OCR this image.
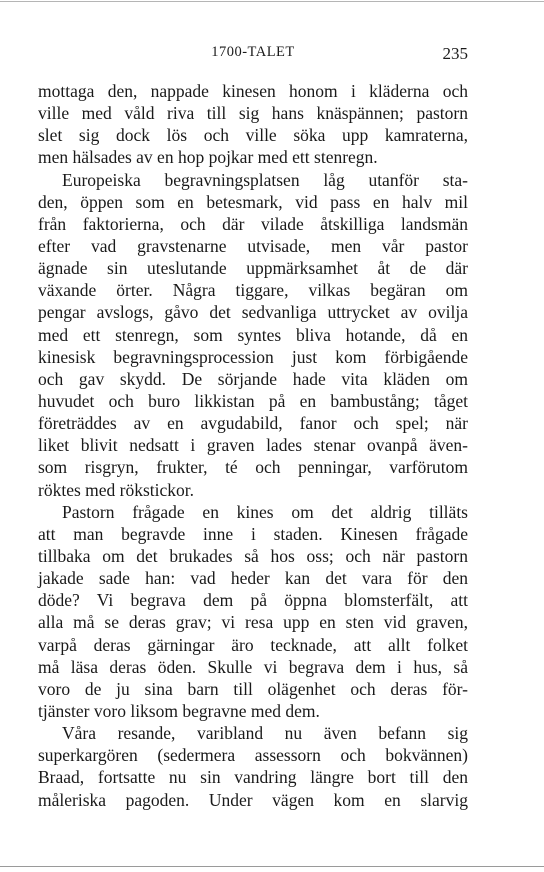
1700-TALET	235
mottaga den, nappade kinesen honom i kläderna och
ville med våld riva till sig hans knäspännen; pastorn
slet sig dock lös och ville söka upp kamraterna,
men hälsades av en hop pojkar med ett stenregn.
Europeiska begravningsplatsen låg utanför sta-
den, öppen som en betesmark, vid pass en halv mil
från faktorierna, och där vilade åtskilliga landsmän
efter vad gravstenarne utvisade, men vår pastor
ägnade sin uteslutande uppmärksamhet åt de där
växande örter. Några tiggare, vilkas begäran om
pengar avslogs, gåvo det sedvanliga uttrycket av ovilja
med ett stenregn, som syntes bliva hotande, då en
kinesisk begravningsprocession just kom förbigående
och gav skydd. De sörjande hade vita kläden om
huvudet och buro likkistan på en bambustång; tåget
företräddes av en avgudabild, fanor och spel; när
liket blivit nedsatt i graven lades stenar ovanpå även-
som risgryn, frukter, té och penningar, varförutom
röktes med rökstickor.
Pastorn frågade en kines om det aldrig tilläts
att man begravde inne i staden. Kinesen frågade
tillbaka om det brukades så hos oss; och när pastorn
jakade sade han: vad heder kan det vara för den
döde? Vi begrava dem på öppna blomsterfält, att
alla må se deras grav; vi resa upp en sten vid graven,
varpå deras gärningar äro tecknade, att allt folket
må läsa deras öden. Skulle vi begrava dem i hus, så
voro de ju sina barn till olägenhet och deras för-
tjänster voro liksom begravne med dem.
Våra resande, varibland nu även befann sig
superkargören (sedermera assessorn och bokvännen)
Braad, fortsatte nu sin vandring längre bort till den
måleriska pagoden. Under vägen kom en slarvig
